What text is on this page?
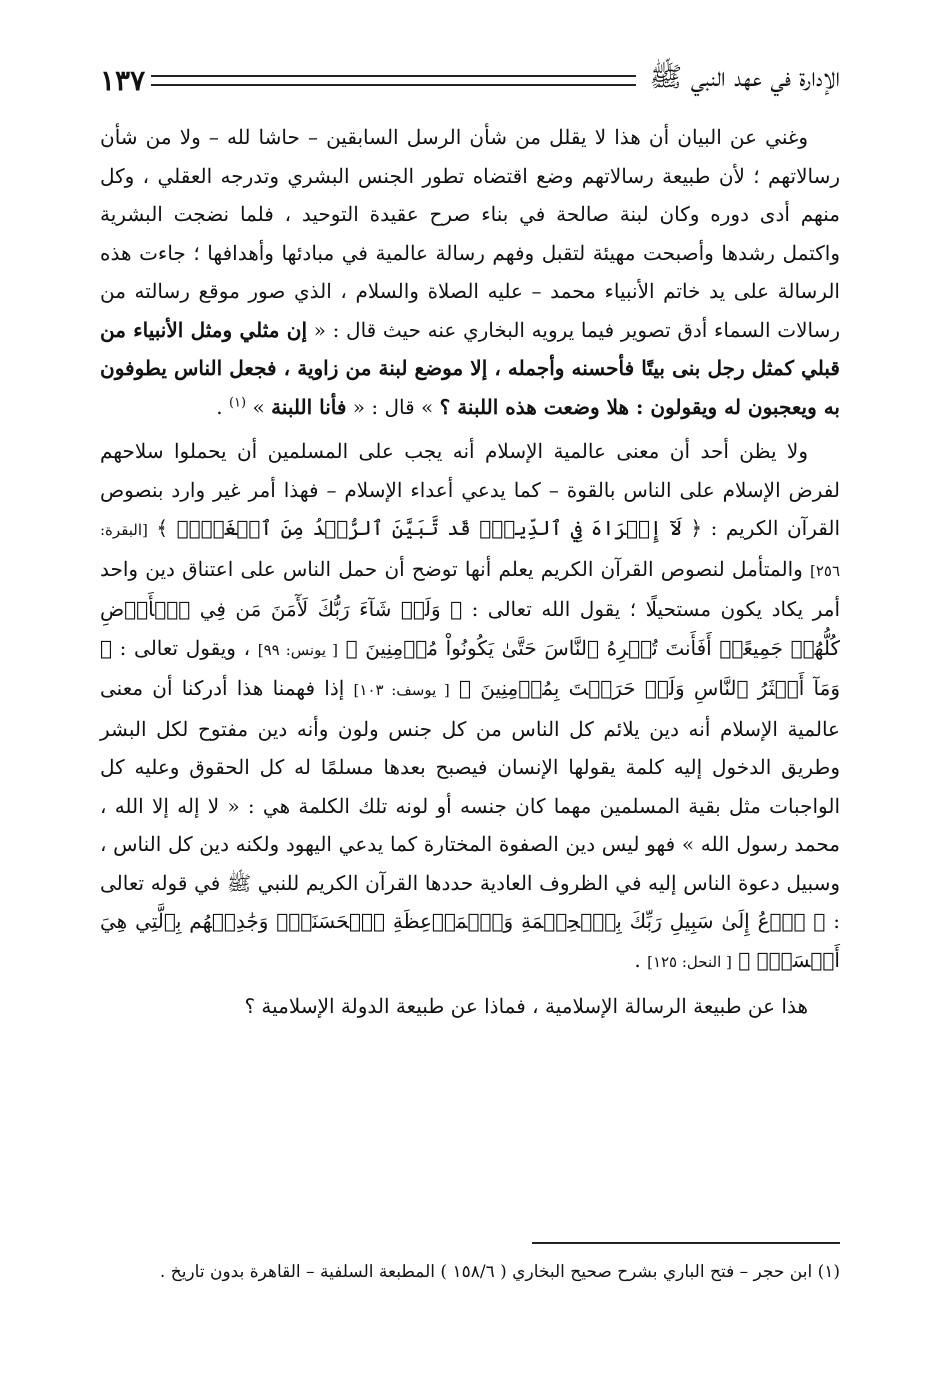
الإدارة في عهد النبي ﷺ
١٣٧

وغني عن البيان أن هذا لا يقلل من شأن الرسل السابقين – حاشا لله – ولا من شأن رسالاتهم ؛ لأن طبيعة رسالاتهم وضع اقتضاه تطور الجنس البشري وتدرجه العقلي ، وكل منهم أدى دوره وكان لبنة صالحة في بناء صرح عقيدة التوحيد ، فلما نضجت البشرية واكتمل رشدها وأصبحت مهيئة لتقبل وفهم رسالة عالمية في مبادئها وأهدافها ؛ جاءت هذه الرسالة على يد خاتم الأنبياء محمد – عليه الصلاة والسلام ، الذي صور موقع رسالته من رسالات السماء أدق تصوير فيما يرويه البخاري عنه حيث قال : « إن مثلي ومثل الأنبياء من قبلي كمثل رجل بنى بيتًا فأحسنه وأجمله ، إلا موضع لبنة من زاوية ، فجعل الناس يطوفون به ويعجبون له ويقولون : هلا وضعت هذه اللبنة ؟ » قال : « فأنا اللبنة » $^{(١)}$ .

ولا يظن أحد أن معنى عالمية الإسلام أنه يجب على المسلمين أن يحملوا سلاحهم لفرض الإسلام على الناس بالقوة – كما يدعي أعداء الإسلام – فهذا أمر غير وارد بنصوص القرآن الكريم : ﴿ لَآ إِكۡرَاهَ فِي ٱلدِّينِۖ قَد تَّبَيَّنَ ٱلرُّشۡدُ مِنَ ٱلۡغَيِّۚ ﴾ [البقرة: ٢٥٦] والمتأمل لنصوص القرآن الكريم يعلم أنها توضح أن حمل الناس على اعتناق دين واحد أمر يكاد يكون مستحيلًا ؛ يقول الله تعالى : ﴿ وَلَوۡ شَآءَ رَبُّكَ لَأٓمَنَ مَن فِي ٱلۡأَرۡضِ كُلُّهُمۡ جَمِيعًاۚ أَفَأَنتَ تُكۡرِهُ ٱلنَّاسَ حَتَّىٰ يَكُونُواْ مُؤۡمِنِينَ ﴾ [ يونس: ٩٩] ، ويقول تعالى : ﴿ وَمَآ أَكۡثَرُ ٱلنَّاسِ وَلَوۡ حَرَصۡتَ بِمُؤۡمِنِينَ ﴾ [ يوسف: ١٠٣] إذا فهمنا هذا أدركنا أن معنى عالمية الإسلام أنه دين يلائم كل الناس من كل جنس ولون وأنه دين مفتوح لكل البشر وطريق الدخول إليه كلمة يقولها الإنسان فيصبح بعدها مسلمًا له كل الحقوق وعليه كل الواجبات مثل بقية المسلمين مهما كان جنسه أو لونه تلك الكلمة هي : « لا إله إلا الله ، محمد رسول الله » فهو ليس دين الصفوة المختارة كما يدعي اليهود ولكنه دين كل الناس ، وسبيل دعوة الناس إليه في الظروف العادية حددها القرآن الكريم للنبي ﷺ في قوله تعالى : ﴿ ٱدۡعُ إِلَىٰ سَبِيلِ رَبِّكَ بِٱلۡحِكۡمَةِ وَٱلۡمَوۡعِظَةِ ٱلۡحَسَنَةِۖ وَجَٰدِلۡهُم بِٱلَّتِي هِيَ أَحۡسَنُۚ ﴾ [ النحل: ١٢٥] .

هذا عن طبيعة الرسالة الإسلامية ، فماذا عن طبيعة الدولة الإسلامية ؟

(١) ابن حجر – فتح الباري بشرح صحيح البخاري ( ١٥٨/٦ ) المطبعة السلفية – القاهرة بدون تاريخ .
